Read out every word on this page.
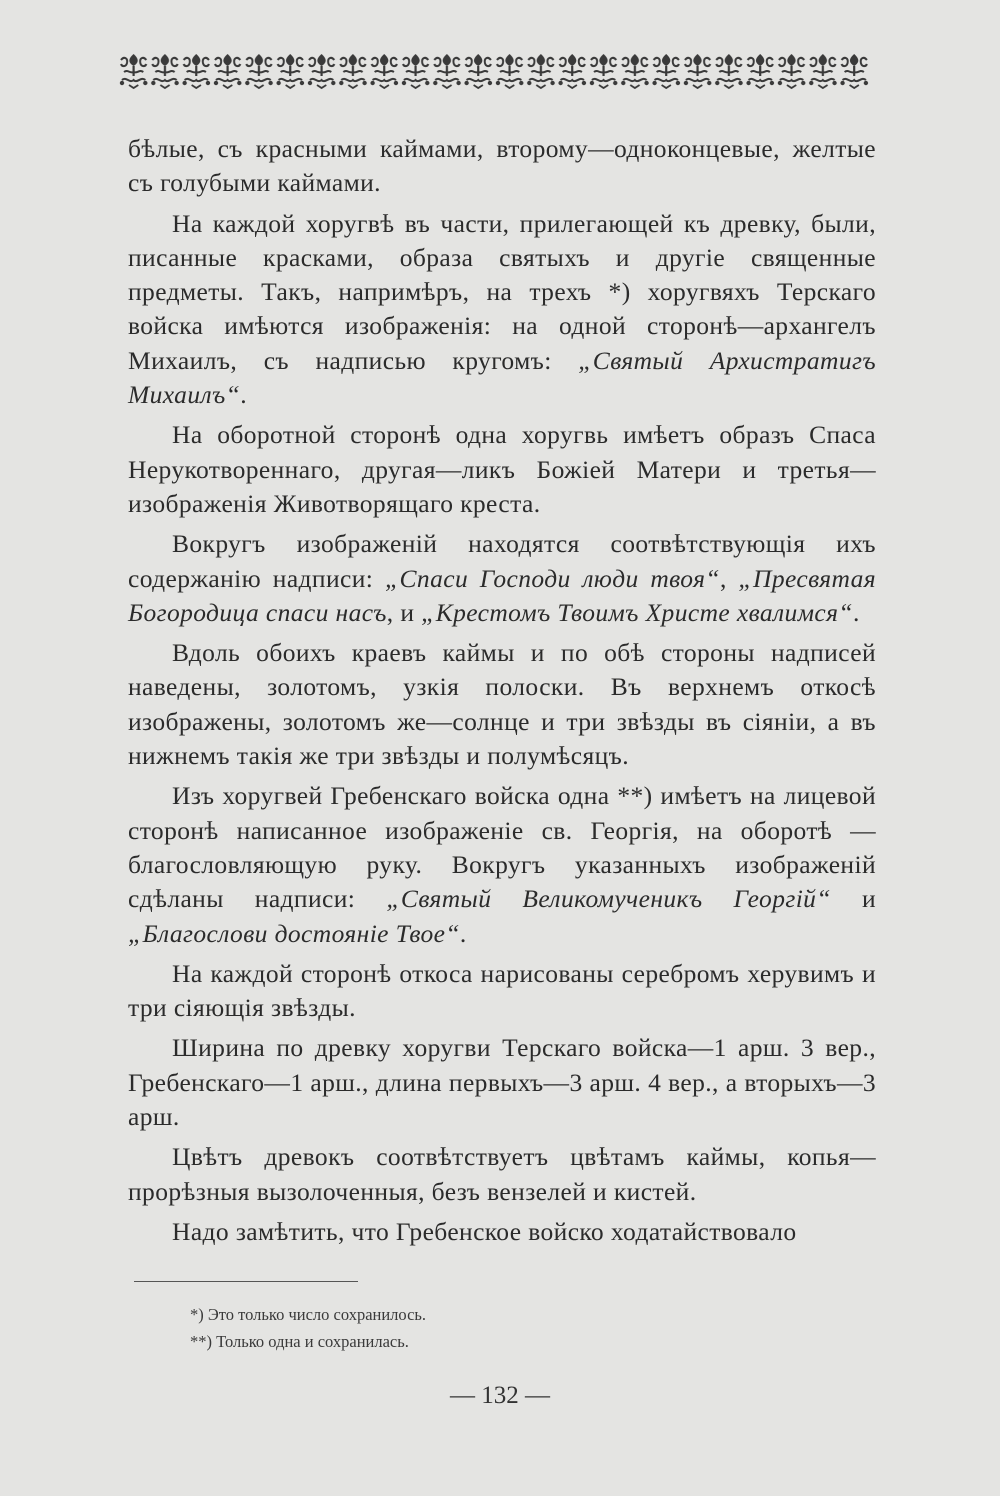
бѣлые, съ красными каймами, второму—одноконцевые, желтые съ голубыми каймами.

На каждой хоругвѣ въ части, прилегающей къ древку, были, писанные красками, образа святыхъ и другіе священные предметы. Такъ, напримѣръ, на трехъ *) хоругвяхъ Терскаго войска имѣются изображенія: на одной сторонѣ—архангелъ Михаилъ, съ надписью кругомъ: „Святый Архистратигъ Михаилъ“.

На оборотной сторонѣ одна хоругвь имѣетъ образъ Спаса Нерукотвореннаго, другая—ликъ Божіей Матери и третья—изображенія Животворящаго креста.

Вокругъ изображеній находятся соотвѣтствующія ихъ содержанію надписи: „Спаси Господи люди твоя“, „Пресвятая Богородица спаси насъ, и „Крестомъ Твоимъ Христе хвалимся“.

Вдоль обоихъ краевъ каймы и по обѣ стороны надписей наведены, золотомъ, узкія полоски. Въ верхнемъ откосѣ изображены, золотомъ же—солнце и три звѣзды въ сіяніи, а въ нижнемъ такія же три звѣзды и полумѣсяцъ.

Изъ хоругвей Гребенскаго войска одна **) имѣетъ на лицевой сторонѣ написанное изображеніе св. Георгія, на оборотѣ — благословляющую руку. Вокругъ указанныхъ изображеній сдѣланы надписи: „Святый Великомученикъ Георгій“ и „Благослови достояніе Твое“.

На каждой сторонѣ откоса нарисованы серебромъ херувимъ и три сіяющія звѣзды.

Ширина по древку хоругви Терскаго войска—1 арш. 3 вер., Гребенскаго—1 арш., длина первыхъ—3 арш. 4 вер., а вторыхъ—3 арш.

Цвѣтъ древокъ соотвѣтствуетъ цвѣтамъ каймы, копья—прорѣзныя вызолоченныя, безъ вензелей и кистей.

Надо замѣтить, что Гребенское войско ходатайствовало

*) Это только число сохранилось.
**) Только одна и сохранилась.
— 132 —
